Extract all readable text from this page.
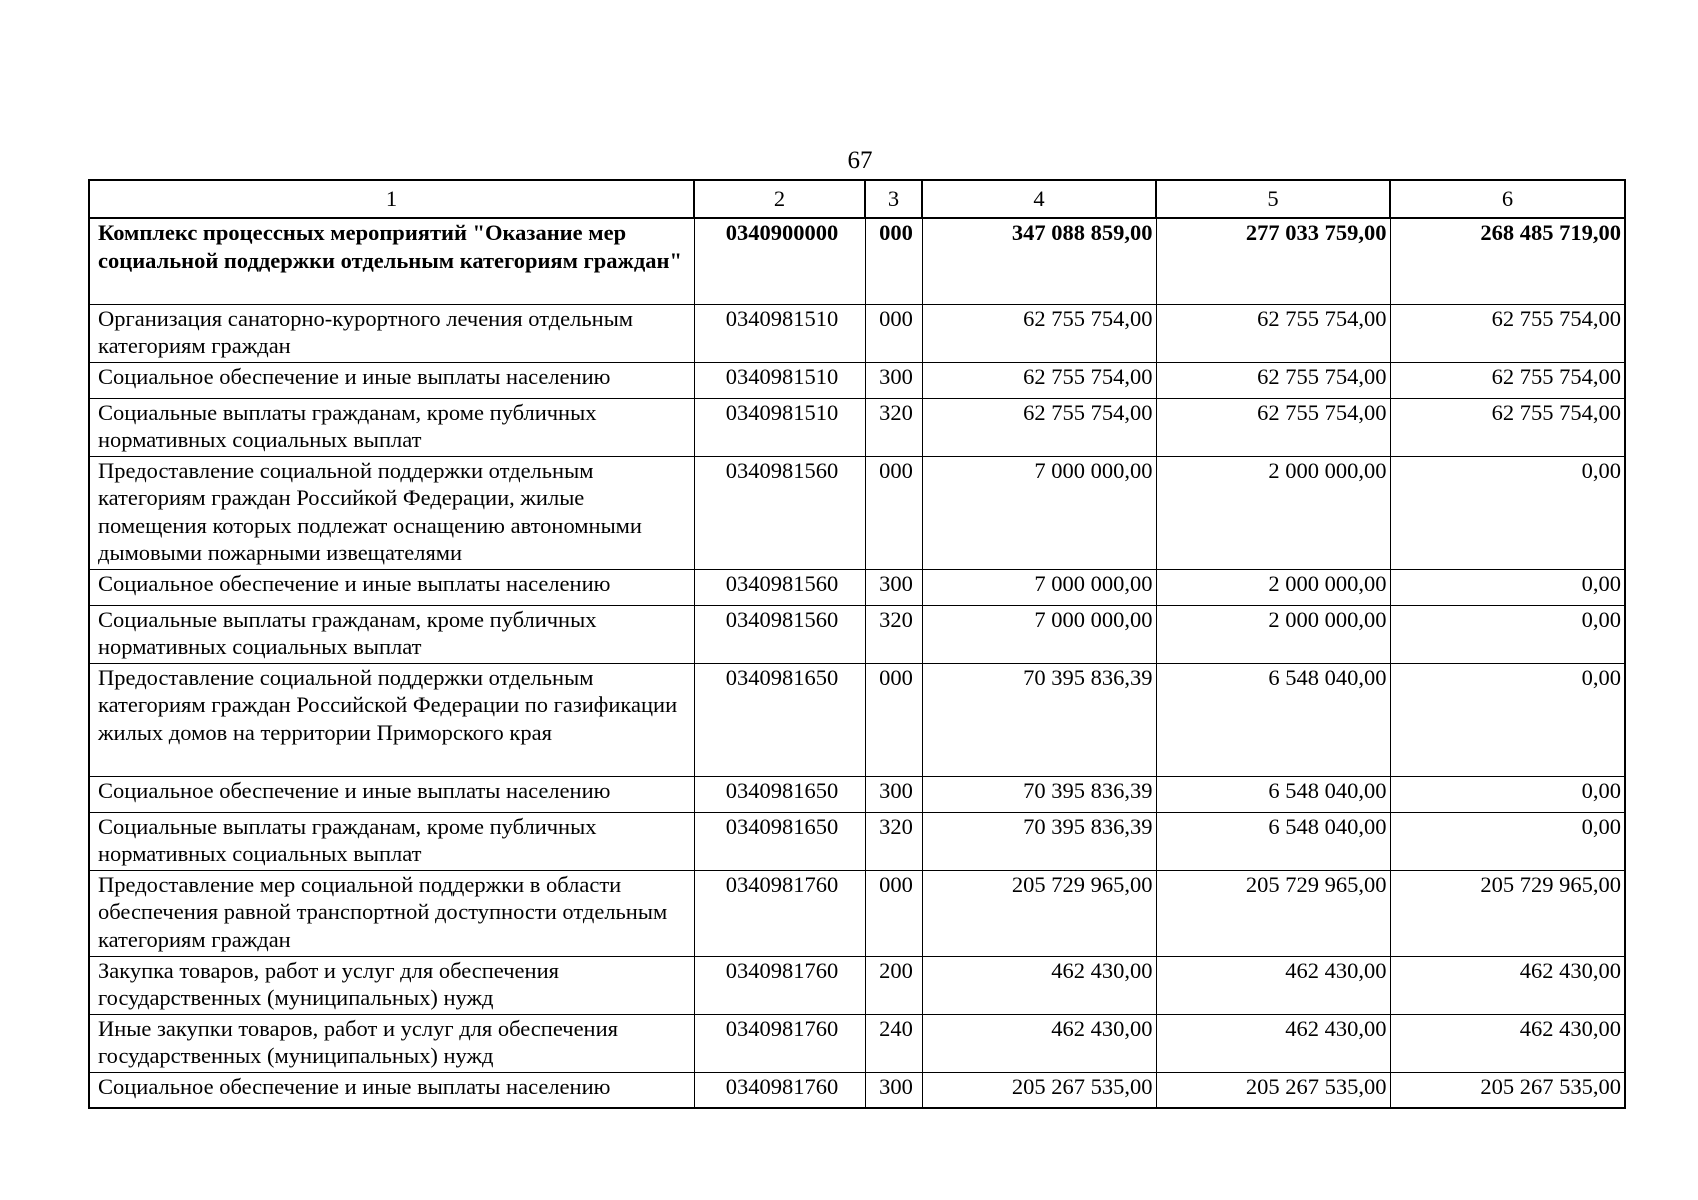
67
1	2	3	4	5	6
Комплекс процессных мероприятий "Оказание мер социальной поддержки отдельным категориям граждан"	0340900000	000	347 088 859,00	277 033 759,00	268 485 719,00
Организация санаторно-курортного лечения отдельным категориям граждан	0340981510	000	62 755 754,00	62 755 754,00	62 755 754,00
Социальное обеспечение и иные выплаты населению	0340981510	300	62 755 754,00	62 755 754,00	62 755 754,00
Социальные выплаты гражданам, кроме публичных нормативных социальных выплат	0340981510	320	62 755 754,00	62 755 754,00	62 755 754,00
Предоставление социальной поддержки отдельным категориям граждан Российкой Федерации, жилые помещения которых подлежат оснащению автономными дымовыми пожарными извещателями	0340981560	000	7 000 000,00	2 000 000,00	0,00
Социальное обеспечение и иные выплаты населению	0340981560	300	7 000 000,00	2 000 000,00	0,00
Социальные выплаты гражданам, кроме публичных нормативных социальных выплат	0340981560	320	7 000 000,00	2 000 000,00	0,00
Предоставление социальной поддержки отдельным категориям граждан Российской Федерации по газификации жилых домов на территории Приморского края	0340981650	000	70 395 836,39	6 548 040,00	0,00
Социальное обеспечение и иные выплаты населению	0340981650	300	70 395 836,39	6 548 040,00	0,00
Социальные выплаты гражданам, кроме публичных нормативных социальных выплат	0340981650	320	70 395 836,39	6 548 040,00	0,00
Предоставление мер социальной поддержки в области обеспечения равной транспортной доступности отдельным категориям граждан	0340981760	000	205 729 965,00	205 729 965,00	205 729 965,00
Закупка товаров, работ и услуг для обеспечения государственных (муниципальных) нужд	0340981760	200	462 430,00	462 430,00	462 430,00
Иные закупки товаров, работ и услуг для обеспечения государственных (муниципальных) нужд	0340981760	240	462 430,00	462 430,00	462 430,00
Социальное обеспечение и иные выплаты населению	0340981760	300	205 267 535,00	205 267 535,00	205 267 535,00
